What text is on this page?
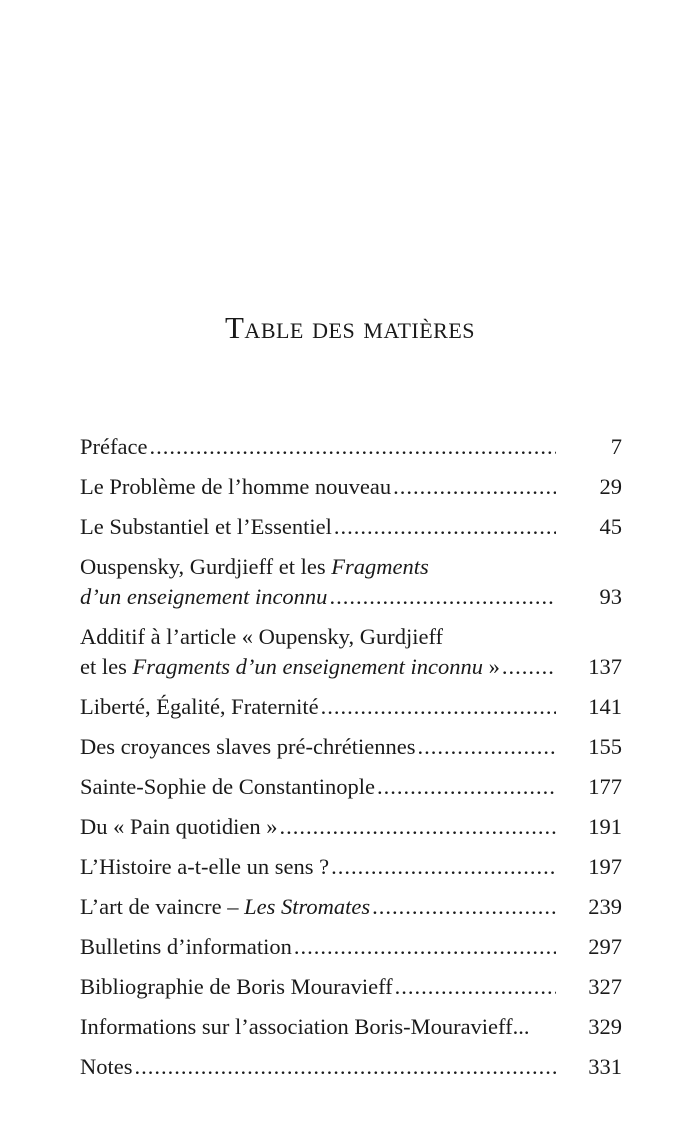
Table des matières
Préface .....	7
Le Problème de l’homme nouveau .....	29
Le Substantiel et l’Essentiel .....	45
Ouspensky, Gurdjieff et les Fragments
d’un enseignement inconnu .....	93
Additif à l’article « Oupensky, Gurdjieff
et les Fragments d’un enseignement inconnu » .....	137
Liberté, Égalité, Fraternité .....	141
Des croyances slaves pré-chrétiennes .....	155
Sainte-Sophie de Constantinople .....	177
Du « Pain quotidien » .....	191
L’Histoire a-t-elle un sens ? .....	197
L’art de vaincre – Les Stromates .....	239
Bulletins d’information .....	297
Bibliographie de Boris Mouravieff .....	327
Informations sur l’association Boris-Mouravieff...	329
Notes .....	331
